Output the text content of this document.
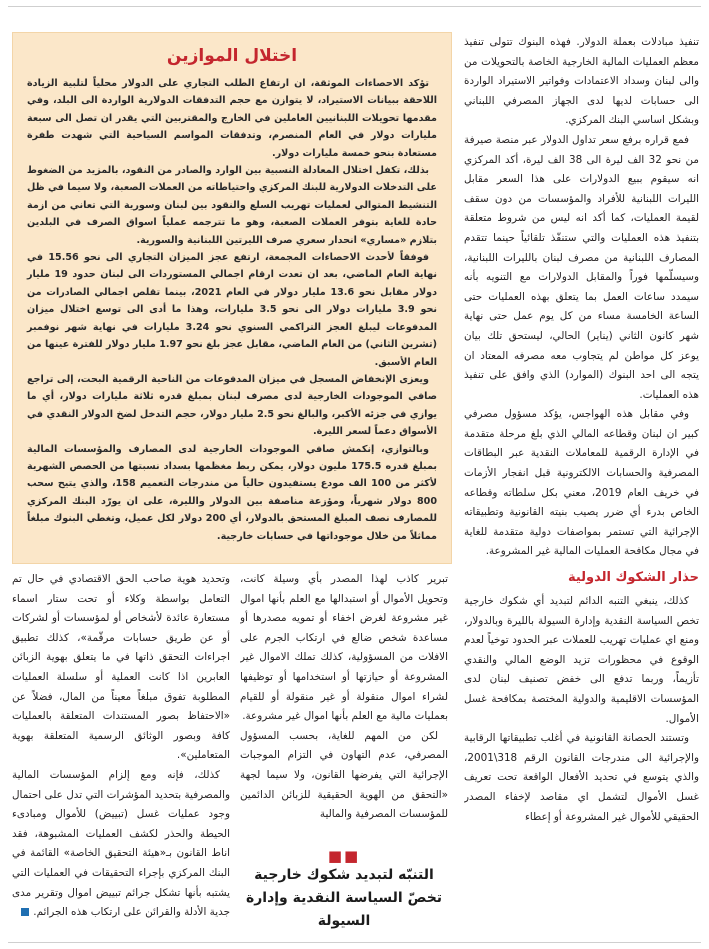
تنفيذ مبادلات بعملة الدولار. فهذه البنوك تتولى تنفيذ معظم العمليات المالية الخارجية الخاصة بالتحويلات من والى لبنان وسداد الاعتمادات وفواتير الاستيراد الواردة الى حسابات لديها لدى الجهاز المصرفي اللبناني وبشكل اساسي البنك المركزي.

فمع قراره برفع سعر تداول الدولار عبر منصة صيرفة من نحو 32 الف ليرة الى 38 الف ليرة، أكد المركزي انه سيقوم ببيع الدولارات على هذا السعر مقابل الليرات اللبنانية للأفراد والمؤسسات من دون سقف لقيمة العمليات، كما أكد انه ليس من شروط متعلقة بتنفيذ هذه العمليات والتي ستنفّذ تلقائياً حينما تتقدم المصارف اللبنانية من مصرف لبنان بالليرات اللبنانية، وسيسلّمها فوراً والمقابل الدولارات مع التنويه بأنه سيمدد ساعات العمل بما يتعلق بهذه العمليات حتى الساعة الخامسة مساء من كل يوم عمل حتى نهاية شهر كانون الثاني (يناير) الحالي، ليستحق تلك بيان يوعز كل مواطن لم يتجاوب معه مصرفه المعتاد ان يتجه الى احد البنوك (الموارد) الذي وافق على تنفيذ هذه العمليات.

وفي مقابل هذه الهواجس، يؤكد مسؤول مصرفي كبير ان لبنان وقطاعه المالي الذي بلغ مرحلة متقدمة في الإدارة الرقمية للمعاملات النقدية عبر البطاقات المصرفية والحسابات الالكترونية قبل انفجار الأزمات في خريف العام 2019، معني بكل سلطاته وقطاعه الخاص بدرء أي ضرر يصيب بنيته القانونية وتطبيقاته الإجرائية التي تستمر بمواصفات دولية متقدمة للغاية في مجال مكافحة العمليات المالية غير المشروعة.

حذار الشكوك الدولية

كذلك، ينبغي التنبه الدائم لتبديد أي شكوك خارجية تخص السياسة النقدية وإدارة السيولة بالليرة وبالدولار، ومنع اي عمليات تهريب للعملات عبر الحدود توخياً لعدم الوقوع في محظورات تزيد الوضع المالي والنقدي تأزيماً، وربما تدفع الى خفض تصنيف لبنان لدى المؤسسات الاقليمية والدولية المختصة بمكافحة غسل الأموال.

وتستند الحصانة القانونية في أغلب تطبيقاتها الرقابية والإجرائية الى مندرجات القانون الرقم 318\2001، والذي يتوسع في تحديد الأفعال الواقعة تحت تعريف غسل الأموال لتشمل اي مقاصد لإخفاء المصدر الحقيقي للأموال غير المشروعة أو إعطاء

اختلال الموازين

تؤكد الاحصاءات الموثقة، ان ارتفاع الطلب التجاري على الدولار محلياً لتلبية الزيادة اللاحقة ببيانات الاستيراد، لا يتوازن مع حجم التدفقات الدولارية الواردة الى البلد، وفي مقدمها تحويلات اللبنانيين العاملين في الخارج والمقتربين التي يقدر ان تصل الى سبعة مليارات دولار في العام المنصرم، وتدفقات المواسم السياحية التي شهدت طفرة مستعادة بنحو خمسة مليارات دولار.

بذلك، تكفل اختلال المعادلة النسبية بين الوارد والصادر من النقود، بالمزيد من الضغوط على التدخلات الدولارية للبنك المركزي واحتياطاته من العملات الصعبة، ولا سيما في ظل التنشيط المتوالي لعمليات تهريب السلع والنقود بين لبنان وسورية التي تعاني من ازمة حادة للغاية بتوفر العملات الصعبة، وهو ما تترجمه عملياً اسواق الصرف في البلدين بتلازم «مساري» انحدار سعري صرف الليرتين اللبنانية والسورية.

فوفقاً لأحدث الاحصاءات المجمعة، ارتفع عجز الميزان التجاري الى نحو 15.56 في نهاية العام الماضي، بعد ان تعدت ارقام اجمالي المستوردات الى لبنان حدود 19 مليار دولار مقابل نحو 13.6 مليار دولار في العام 2021، بينما تقلص اجمالي الصادرات من نحو 3.9 مليارات دولار الى نحو 3.5 مليارات، وهذا ما أدى الى توسع اختلال ميزان المدفوعات ليبلغ العجز التراكمي السنوي نحو 3.24 مليارات في نهاية شهر نوفمبر (تشرين الثاني) من العام الماضي، مقابل عجز بلغ نحو 1.97 مليار دولار للفترة عينها من العام الأسبق.

ويعزى الإنخفاض المسجل في ميزان المدفوعات من الناحية الرقمية البحت، إلى تراجع صافي الموجودات الخارجية لدى مصرف لبنان بمبلغ قدره ثلاثة مليارات دولار، أي ما يوازي في جزئه الأكبر، والبالغ نحو 2.5 مليار دولار، حجم التدخل لضخ الدولار النقدي في الأسواق دعماً لسعر الليرة.

وبالتوازي، إنكمش صافي الموجودات الخارجية لدى المصارف والمؤسسات المالية بمبلغ قدره 175.5 مليون دولار، يمكن ربط مغظمها بسداد نسبتها من الحصص الشهرية لأكثر من 100 الف مودع يستفيدون حالياً من مندرجات التعميم 158، والذي يتيح سحب 800 دولار شهرياً، ومؤزعة مناصفة بين الدولار والليرة، على ان يورّد البنك المركزي للمصارف نصف المبلغ المستحق بالدولار، أي 200 دولار لكل عميل، وتغطي البنوك مبلغاً مماثلاً من خلال موجوداتها في حسابات خارجية.

تبرير كاذب لهذا المصدر بأي وسيلة كانت، وتحويل الأموال أو استبدالها مع العلم بأنها اموال غير مشروعة لغرض اخفاء أو تمويه مصدرها أو مساعدة شخص ضالع في ارتكاب الجرم على الافلات من المسؤولية، كذلك تملك الاموال غير المشروعة أو حيازتها أو استخدامها أو توظيفها لشراء اموال منقولة أو غير منقولة أو للقيام بعمليات مالية مع العلم بأنها اموال غير مشروعة.

لكن من المهم للغاية، بحسب المسؤول المصرفي، عدم التهاون في التزام الموجبات الإجرائية التي يفرضها القانون، ولا سيما لجهة «التحقق من الهوية الحقيقية للزبائن الدائمين للمؤسسات المصرفية والمالية

■■
التنبّه لتبديد شكوك خارجية
تخصّ السياسة النقدية وإدارة السيولة

وتحديد هوية صاحب الحق الاقتصادي في حال تم التعامل بواسطة وكلاء أو تحت ستار اسماء مستعارة عائدة لأشخاص أو لمؤسسات أو لشركات أو عن طريق حسابات مرقّمة»، كذلك تطبيق اجراءات التحقق ذاتها في ما يتعلق بهوية الزبائن العابرين اذا كانت العملية أو سلسلة العمليات المطلوبة تفوق مبلغاً معيناً من المال، فضلاً عن «الاحتفاظ بصور المستندات المتعلقة بالعمليات كافة وبصور الوثائق الرسمية المتعلقة بهوية المتعاملين».

كذلك، فإنه ومع إلزام المؤسسات المالية والمصرفية بتحديد المؤشرات التي تدل على احتمال وجود عمليات غسل (تبييض) للأموال ومبادىء الحيطة والحذر لكشف العمليات المشبوهة، فقد اناط القانون بـ«هيئة التحقيق الخاصة» القائمة في البنك المركزي بإجراء التحقيقات في العمليات التي يشتبه بأنها تشكل جرائم تبييض اموال وتقرير مدى جدية الأدلة والقرائن على ارتكاب هذه الجرائم.
